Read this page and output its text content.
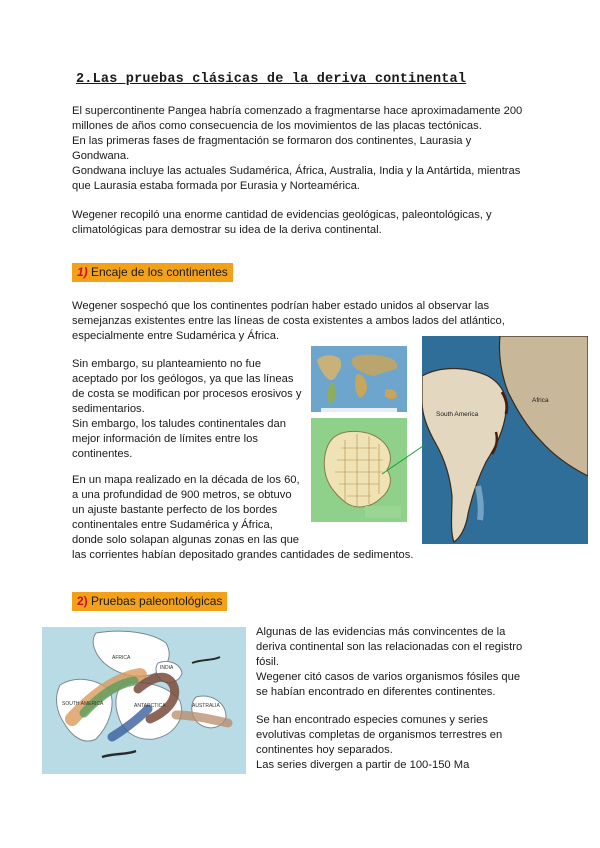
2.Las pruebas clásicas de la deriva continental
El supercontinente Pangea habría comenzado a fragmentarse hace aproximadamente 200
millones de años como consecuencia de los movimientos de las placas tectónicas.
En las primeras fases de fragmentación se formaron dos continentes, Laurasia y
Gondwana.
Gondwana incluye las actuales Sudamérica, África, Australia, India y la Antártida, mientras
que Laurasia estaba formada por Eurasia y Norteamérica.
Wegener recopiló una enorme cantidad de evidencias geológicas, paleontológicas, y
climatológicas para demostrar su idea de la deriva continental.
1) Encaje de los continentes
Wegener sospechó que los continentes podrían haber estado unidos al observar las
semejanzas existentes entre las líneas de costa existentes a ambos lados del atlántico,
especialmente entre Sudamérica y África.
Sin embargo, su planteamiento no fue
aceptado por los geólogos, ya que las líneas
de costa se modifican por procesos erosivos y
sedimentarios.
Sin embargo, los taludes continentales dan
mejor información de límites entre los
continentes.
En un mapa realizado en la década de los 60,
a una profundidad de 900 metros, se obtuvo
un ajuste bastante perfecto de los bordes
continentales entre Sudamérica y África,
donde solo solapan algunas zonas en las que
las corrientes habían depositado grandes cantidades de sedimentos.
South America
Africa
2) Pruebas paleontológicas
ÁFRICA
INDIA
SOUTH AMERICA	ANTARCTICA	AUSTRALIA
Algunas de las evidencias más convincentes de la
deriva continental son las relacionadas con el registro
fósil.
Wegener citó casos de varios organismos fósiles que
se habían encontrado en diferentes continentes.
Se han encontrado especies comunes y series
evolutivas completas de organismos terrestres en
continentes hoy separados.
Las series divergen a partir de 100-150 Ma
